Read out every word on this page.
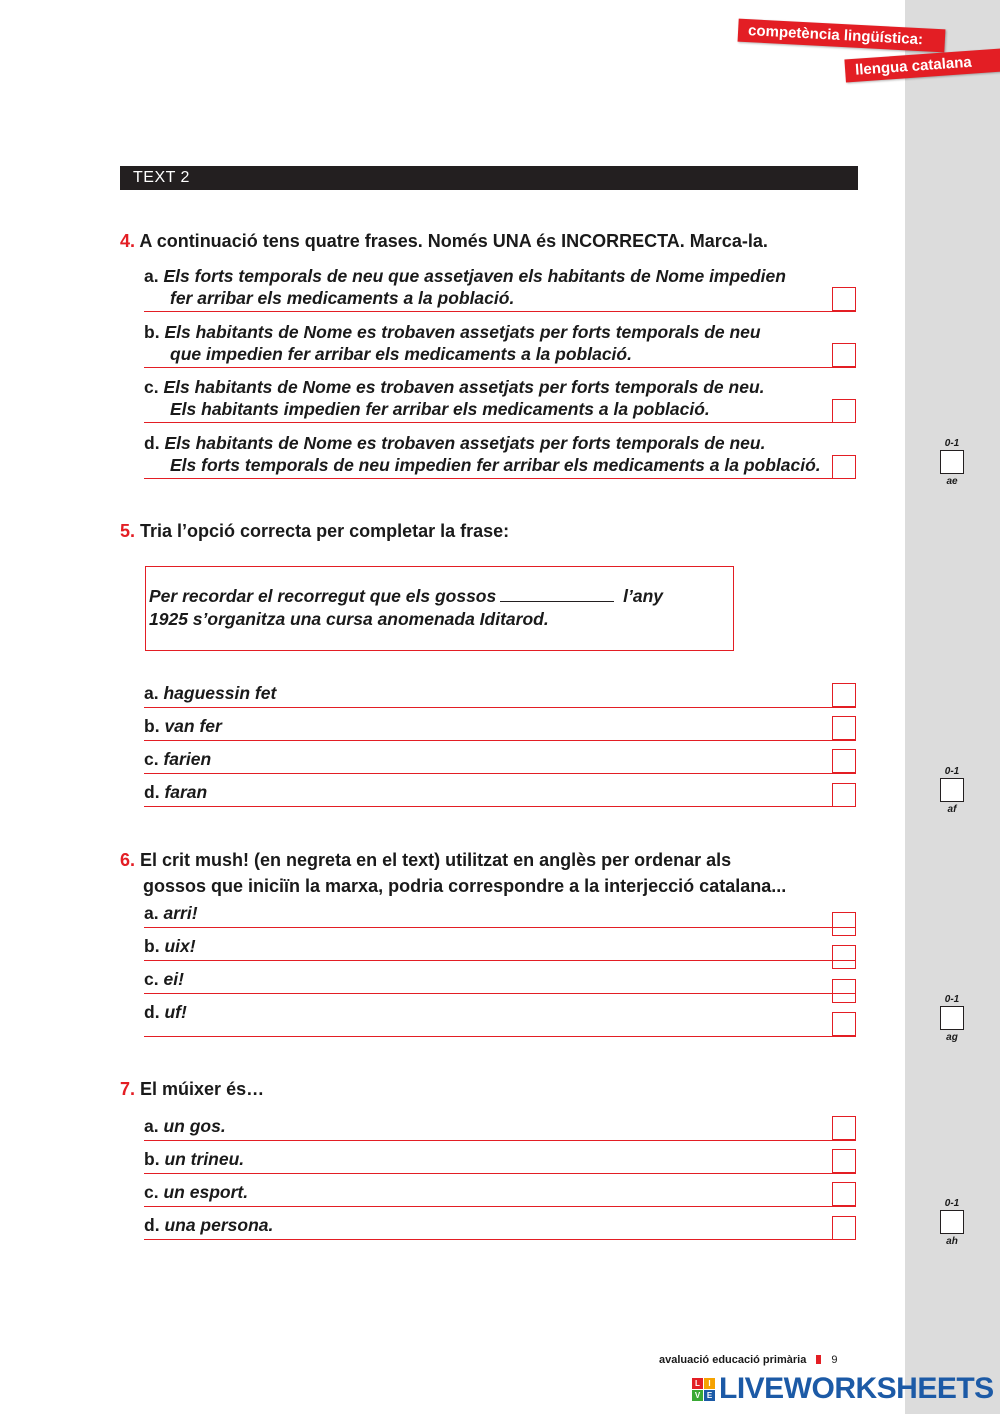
competència lingüística:
llengua catalana
TEXT 2
4. A continuació tens quatre frases. Només UNA és INCORRECTA. Marca-la.
a. Els forts temporals de neu que assetjaven els habitants de Nome impedien
fer arribar els medicaments a la població.
b. Els habitants de Nome es trobaven assetjats per forts temporals de neu
que impedien fer arribar els medicaments a la població.
c. Els habitants de Nome es trobaven assetjats per forts temporals de neu.
Els habitants impedien fer arribar els medicaments a la població.
d. Els habitants de Nome es trobaven assetjats per forts temporals de neu.
Els forts temporals de neu impedien fer arribar els medicaments a la població.
0-1
ae
5. Tria l’opció correcta per completar la frase:
Per recordar el recorregut que els gossos	l’any
1925 s’organitza una cursa anomenada Iditarod.
a. haguessin fet
b. van fer
c. farien
d. faran
0-1
af
6. El crit mush! (en negreta en el text) utilitzat en anglès per ordenar als
gossos que iniciïn la marxa, podria correspondre a la interjecció catalana...
a. arri!
b. uix!
c. ei!
d. uf!
0-1
ag
7. El múixer és…
a. un gos.
b. un trineu.
c. un esport.
d. una persona.
0-1
ah
avaluació educació primària 9
L	I
V E LIVEWORKSHEETS
